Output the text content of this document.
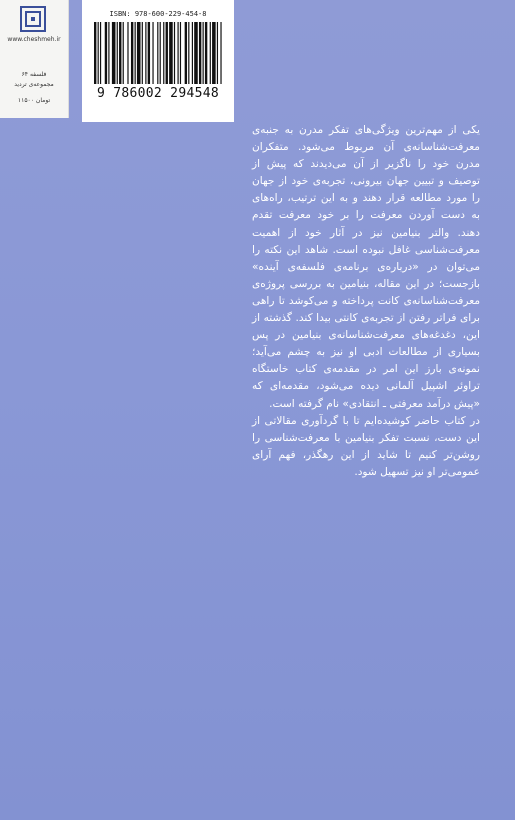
www.cheshmeh.ir
فلسفه ۶۴
مجموعه‌ی تردید
۱۱۵۰۰ تومان
ISBN: 978-600-229-454-8
9 786002 294548

یکی از مهم‌ترین ویژگی‌های تفکر مدرن به جنبه‌ی معرفت‌شناسانه‌ی آن مربوط می‌شود. متفکران مدرن خود را ناگزیر از آن می‌دیدند که پیش از توصیف و تبیین جهان بیرونی، تجربه‌ی خود از جهان را مورد مطالعه قرار دهند و به این ترتیب، راه‌های به دست آوردن معرفت را بر خود معرفت تقدم دهند. والتر بنیامین نیز در آثار خود از اهمیت معرفت‌شناسی غافل نبوده است. شاهد این نکته را می‌توان در «درباره‌ی برنامه‌ی فلسفه‌ی آینده» بازجست؛ در این مقاله، بنیامین به بررسی پروژه‌ی معرفت‌شناسانه‌ی کانت پرداخته و می‌کوشد تا راهی برای فراتر رفتن از تجربه‌ی کانتی بیدا کند. گذشته از این، دغدغه‌های معرفت‌شناسانه‌ی بنیامین در پس بسیاری از مطالعات ادبی او نیز به چشم می‌آید؛ نمونه‌ی بارز این امر در مقدمه‌ی کتاب خاستگاه تراوئر اشپیل آلمانی دیده می‌شود، مقدمه‌ای که «پیش درآمد معرفتی ـ انتقادی» نام گرفته است.

در کتاب حاضر کوشیده‌ایم تا با گردآوری مقالاتی از این دست، نسبت تفکر بنیامین با معرفت‌شناسی را روشن‌تر کنیم تا شاید از این رهگذر، فهم آرای عمومی‌تر او نیز تسهیل شود.
